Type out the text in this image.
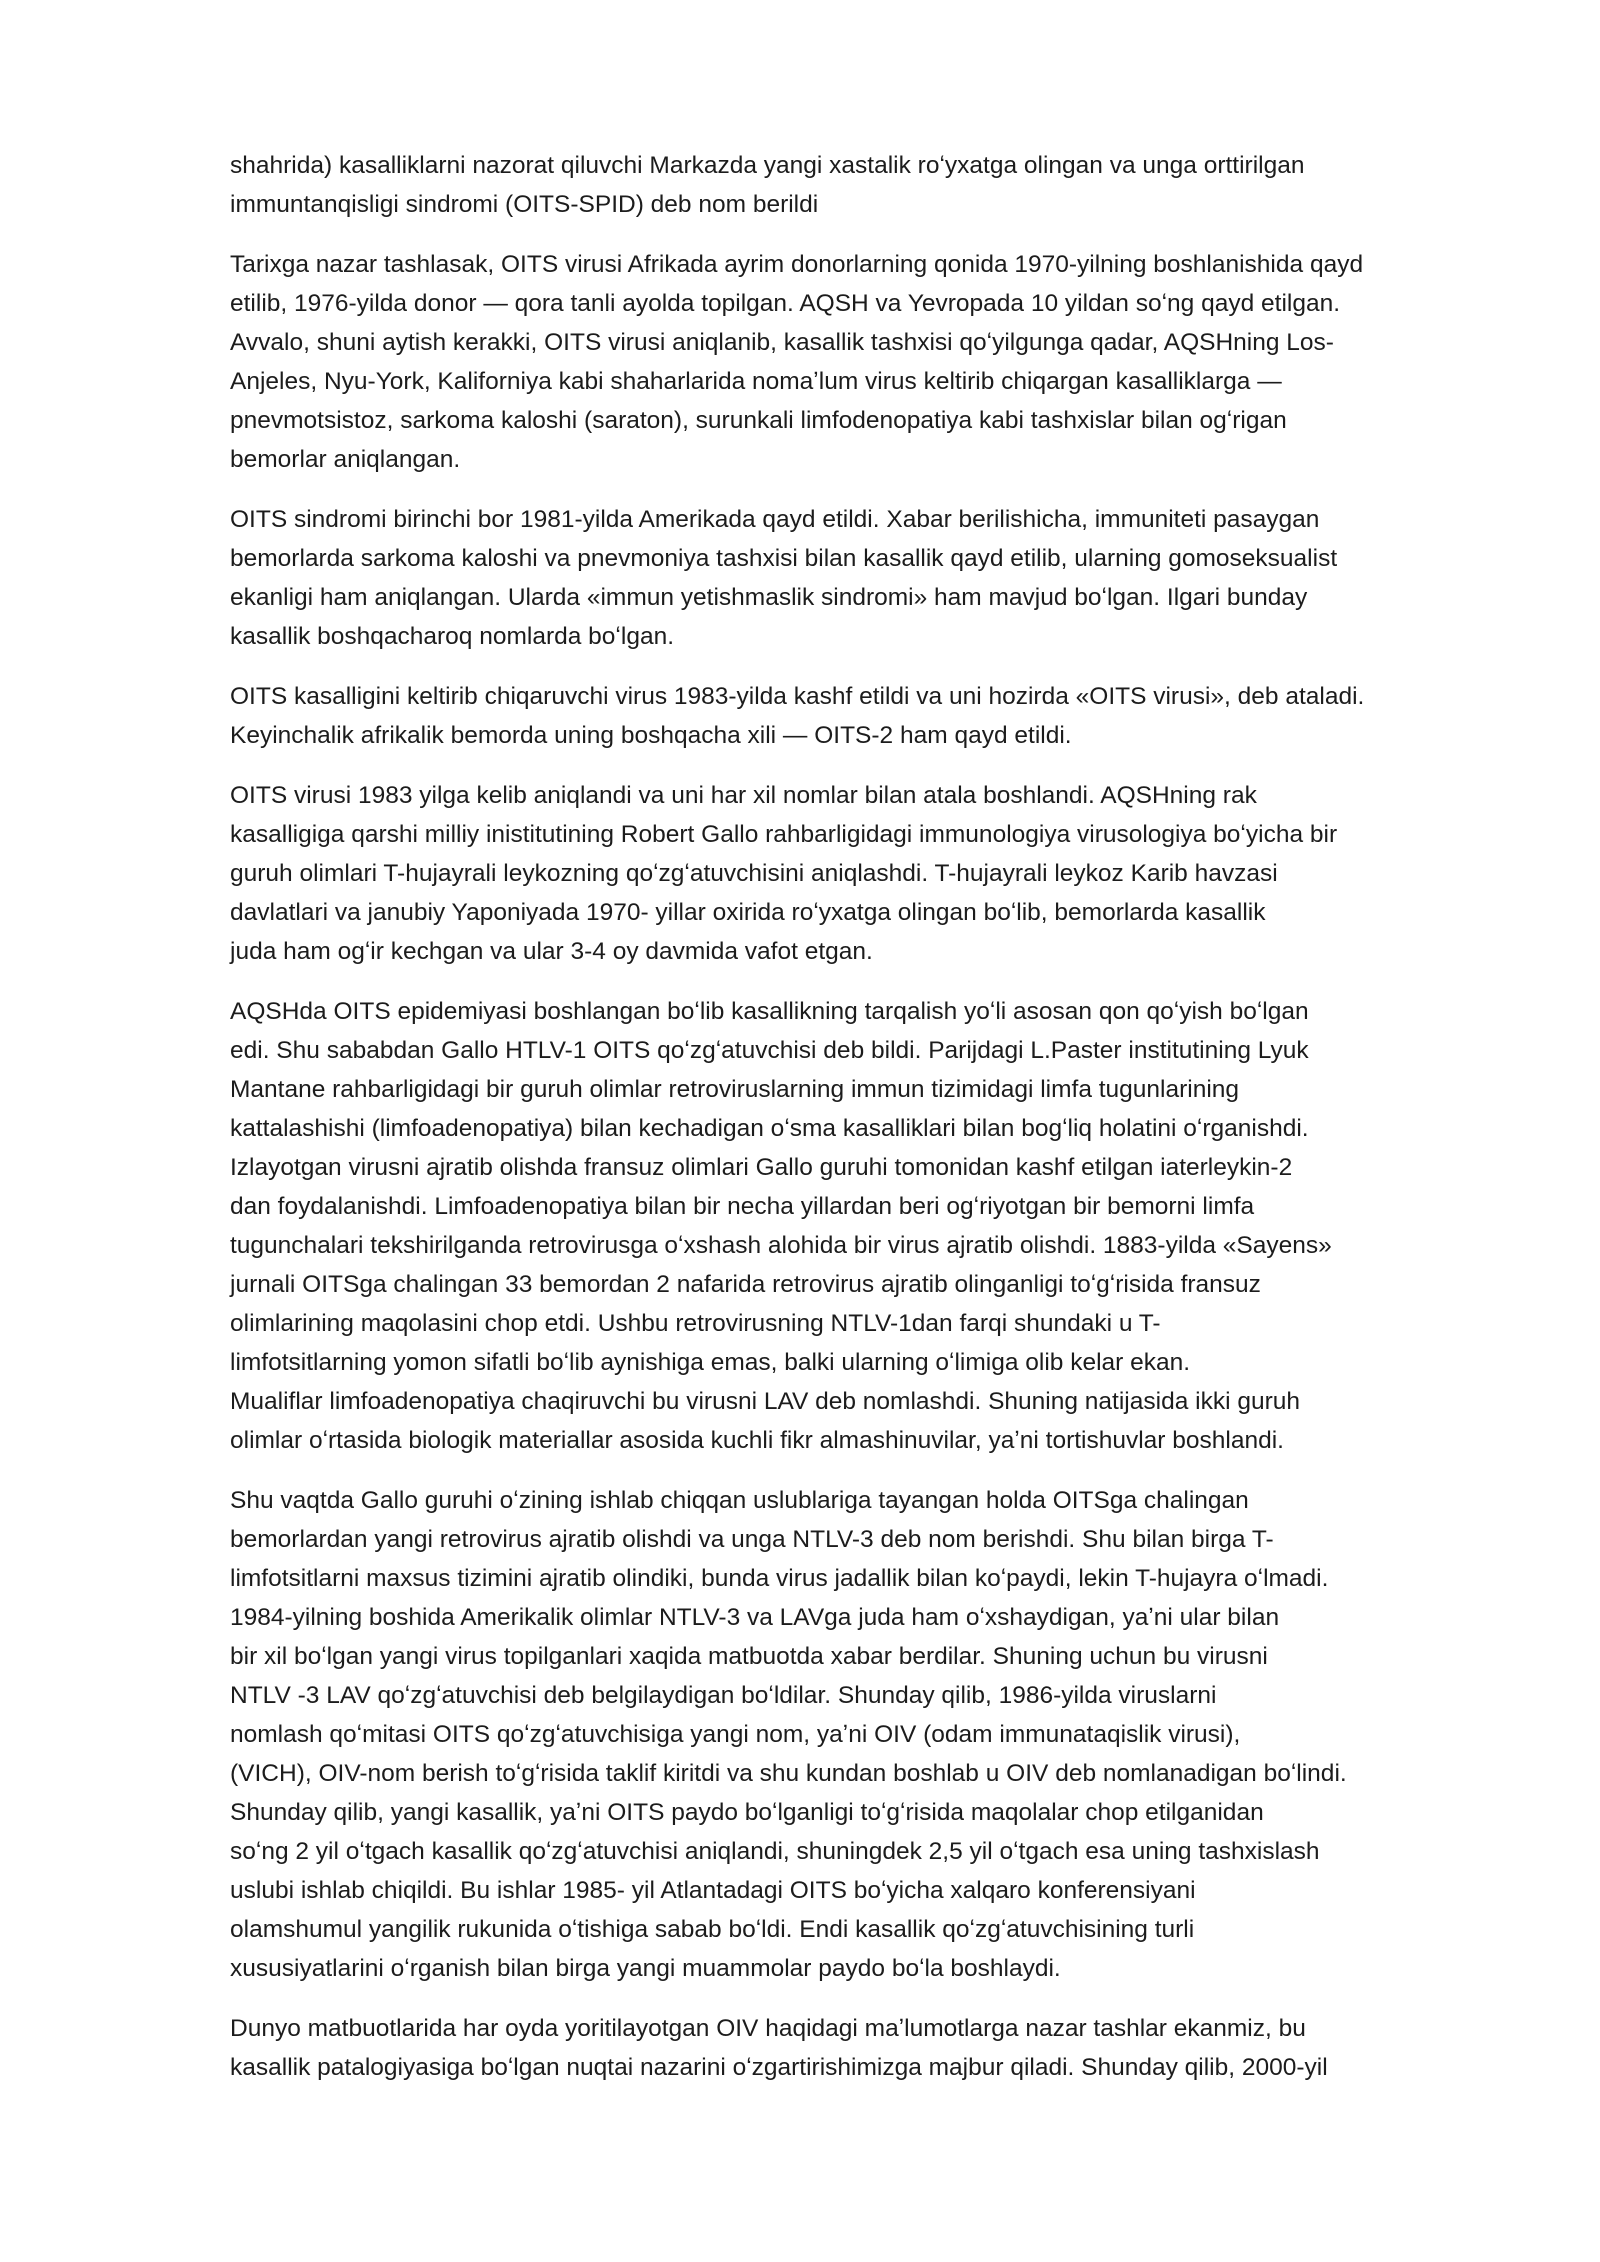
shahrida) kasalliklarni nazorat qiluvchi Markazda yangi xastalik roʻyxatga olingan va unga orttirilgan
immuntanqisligi sindromi (OITS-SPID) deb nom berildi

Tarixga nazar tashlasak, OITS virusi Afrikada ayrim donorlarning qonida 1970-yilning boshlanishida qayd
etilib, 1976-yilda donor — qora tanli ayolda topilgan. AQSH va Yevropada 10 yildan soʻng qayd etilgan.
Avvalo, shuni aytish kerakki, OITS virusi aniqlanib, kasallik tashxisi qoʻyilgunga qadar, AQSHning Los-
Anjeles, Nyu-York, Kaliforniya kabi shaharlarida nomaʼlum virus keltirib chiqargan kasalliklarga —
pnevmotsistoz, sarkoma kaloshi (saraton), surunkali limfodenopatiya kabi tashxislar bilan ogʻrigan
bemorlar aniqlangan.

OITS sindromi birinchi bor 1981-yilda Amerikada qayd etildi. Xabar berilishicha, immuniteti pasaygan
bemorlarda sarkoma kaloshi va pnevmoniya tashxisi bilan kasallik qayd etilib, ularning gomoseksualist
ekanligi ham aniqlangan. Ularda «immun yetishmaslik sindromi» ham mavjud boʻlgan. Ilgari bunday
kasallik boshqacharoq nomlarda boʻlgan.

OITS kasalligini keltirib chiqaruvchi virus 1983-yilda kashf etildi va uni hozirda «OITS virusi», deb ataladi.
Keyinchalik afrikalik bemorda uning boshqacha xili — OITS-2 ham qayd etildi.

OITS virusi 1983 yilga kelib aniqlandi va uni har xil nomlar bilan atala boshlandi. AQSHning rak
kasalligiga qarshi milliy inistitutining Robert Gallo rahbarligidagi immunologiya virusologiya boʻyicha bir
guruh olimlari T-hujayrali leykozning qoʻzgʻatuvchisini aniqlashdi. T-hujayrali leykoz Karib havzasi
davlatlari va janubiy Yaponiyada 1970- yillar oxirida roʻyxatga olingan boʻlib, bemorlarda kasallik
juda ham ogʻir kechgan va ular 3-4 oy davmida vafot etgan.

AQSHda OITS epidemiyasi boshlangan boʻlib kasallikning tarqalish yoʻli asosan qon qoʻyish boʻlgan
edi. Shu sababdan Gallo HTLV-1 OITS qoʻzgʻatuvchisi deb bildi. Parijdagi L.Paster institutining Lyuk
Mantane rahbarligidagi bir guruh olimlar retroviruslarning immun tizimidagi limfa tugunlarining
kattalashishi (limfoadenopatiya) bilan kechadigan oʻsma kasalliklari bilan bogʻliq holatini oʻrganishdi.
Izlayotgan virusni ajratib olishda fransuz olimlari Gallo guruhi tomonidan kashf etilgan iaterleykin-2
dan foydalanishdi. Limfoadenopatiya bilan bir necha yillardan beri ogʻriyotgan bir bemorni limfa
tugunchalari tekshirilganda retrovirusga oʻxshash alohida bir virus ajratib olishdi. 1883-yilda «Sayens»
jurnali OITSga chalingan 33 bemordan 2 nafarida retrovirus ajratib olinganligi toʻgʻrisida fransuz
olimlarining maqolasini chop etdi. Ushbu retrovirusning NTLV-1dan farqi shundaki u T-
limfotsitlarning yomon sifatli boʻlib aynishiga emas, balki ularning oʻlimiga olib kelar ekan.
Mualiflar limfoadenopatiya chaqiruvchi bu virusni LAV deb nomlashdi. Shuning natijasida ikki guruh
olimlar oʻrtasida biologik materiallar asosida kuchli fikr almashinuvilar, yaʼni tortishuvlar boshlandi.

Shu vaqtda Gallo guruhi oʻzining ishlab chiqqan uslublariga tayangan holda OITSga chalingan
bemorlardan yangi retrovirus ajratib olishdi va unga NTLV-3 deb nom berishdi. Shu bilan birga T-
limfotsitlarni maxsus tizimini ajratib olindiki, bunda virus jadallik bilan koʻpaydi, lekin T-hujayra oʻlmadi.
1984-yilning boshida Amerikalik olimlar NTLV-3 va LAVga juda ham oʻxshaydigan, yaʼni ular bilan
bir xil boʻlgan yangi virus topilganlari xaqida matbuotda xabar berdilar. Shuning uchun bu virusni
NTLV -3 LAV qoʻzgʻatuvchisi deb belgilaydigan boʻldilar. Shunday qilib, 1986-yilda viruslarni
nomlash qoʻmitasi OITS qoʻzgʻatuvchisiga yangi nom, yaʼni OIV (odam immunataqislik virusi),
(VICH), OIV-nom berish toʻgʻrisida taklif kiritdi va shu kundan boshlab u OIV deb nomlanadigan boʻlindi.
Shunday qilib, yangi kasallik, yaʼni OITS paydo boʻlganligi toʻgʻrisida maqolalar chop etilganidan
soʻng 2 yil oʻtgach kasallik qoʻzgʻatuvchisi aniqlandi, shuningdek 2,5 yil oʻtgach esa uning tashxislash
uslubi ishlab chiqildi. Bu ishlar 1985- yil Atlantadagi OITS boʻyicha xalqaro konferensiyani
olamshumul yangilik rukunida oʻtishiga sabab boʻldi. Endi kasallik qoʻzgʻatuvchisining turli
xususiyatlarini oʻrganish bilan birga yangi muammolar paydo boʻla boshlaydi.

Dunyo matbuotlarida har oyda yoritilayotgan OIV haqidagi maʼlumotlarga nazar tashlar ekanmiz, bu
kasallik patalogiyasiga boʻlgan nuqtai nazarini oʻzgartirishimizga majbur qiladi. Shunday qilib, 2000-yil
